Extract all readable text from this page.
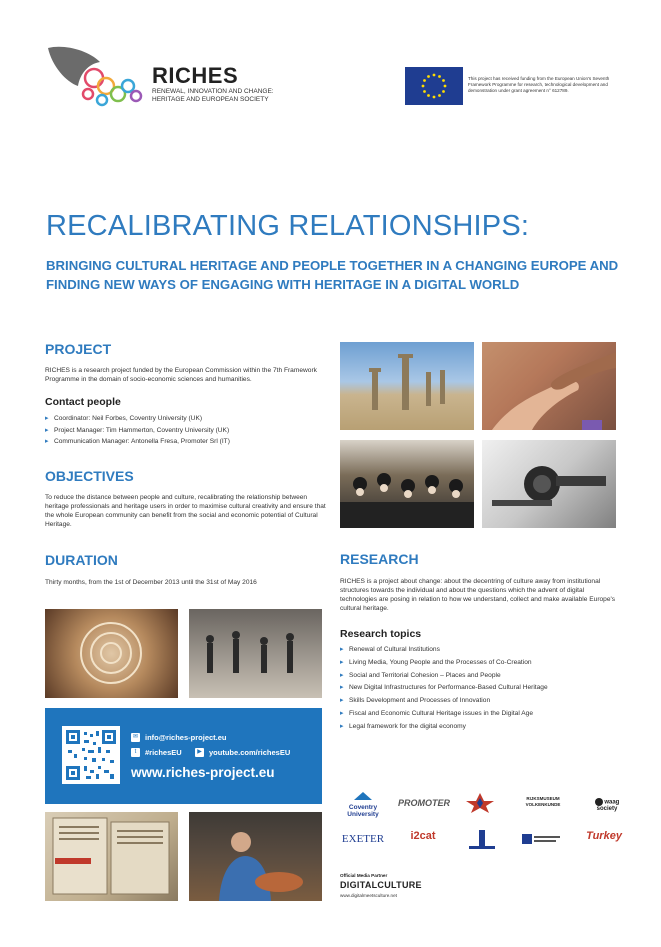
RICHES
RENEWAL, INNOVATION AND CHANGE:
HERITAGE AND EUROPEAN SOCIETY
This project has received funding from the European Union's Seventh Framework Programme for research, technological development and demonstration under grant agreement n° 612789.
RECALIBRATING RELATIONSHIPS:
BRINGING CULTURAL HERITAGE AND PEOPLE TOGETHER IN A CHANGING EUROPE AND FINDING NEW WAYS OF ENGAGING WITH HERITAGE IN A DIGITAL WORLD
PROJECT
RICHES is a research project funded by the European Commission within the 7th Framework Programme in the domain of socio-economic sciences and humanities.
Contact people
▸ Coordinator: Neil Forbes, Coventry University (UK)
▸ Project Manager: Tim Hammerton, Coventry University (UK)
▸ Communication Manager: Antonella Fresa, Promoter Srl (IT)
OBJECTIVES
To reduce the distance between people and culture, recalibrating the relationship between heritage professionals and heritage users in order to maximise cultural creativity and ensure that the whole European community can benefit from the social and economic potential of Cultural Heritage.
DURATION
Thirty months, from the 1st of December 2013 until the 31st of May 2016
RESEARCH
RICHES is a project about change: about the decentring of culture away from institutional structures towards the individual and about the questions which the advent of digital technologies are posing in relation to how we understand, collect and make available Europe's cultural heritage.
Research topics
▸ Renewal of Cultural Institutions
▸ Living Media, Young People and the Processes of Co-Creation
▸ Social and Territorial Cohesion – Places and People
▸ New Digital Infrastructures for Performance-Based Cultural Heritage
▸ Skills Development and Processes of Innovation
▸ Fiscal and Economic Cultural Heritage issues in the Digital Age
▸ Legal framework for the digital economy
✉ info@riches-project.eu
t	#richesEU	▶ youtube.com/richesEU
www.riches-project.eu
Coventry University
PROMOTER	RIJKSMUSEUM VOLKENKUNDE	waag society
EXETER	i2cat	Turkey
Official Media Partner
DIGITALCULTURE
www.digitalmeetsculture.net
